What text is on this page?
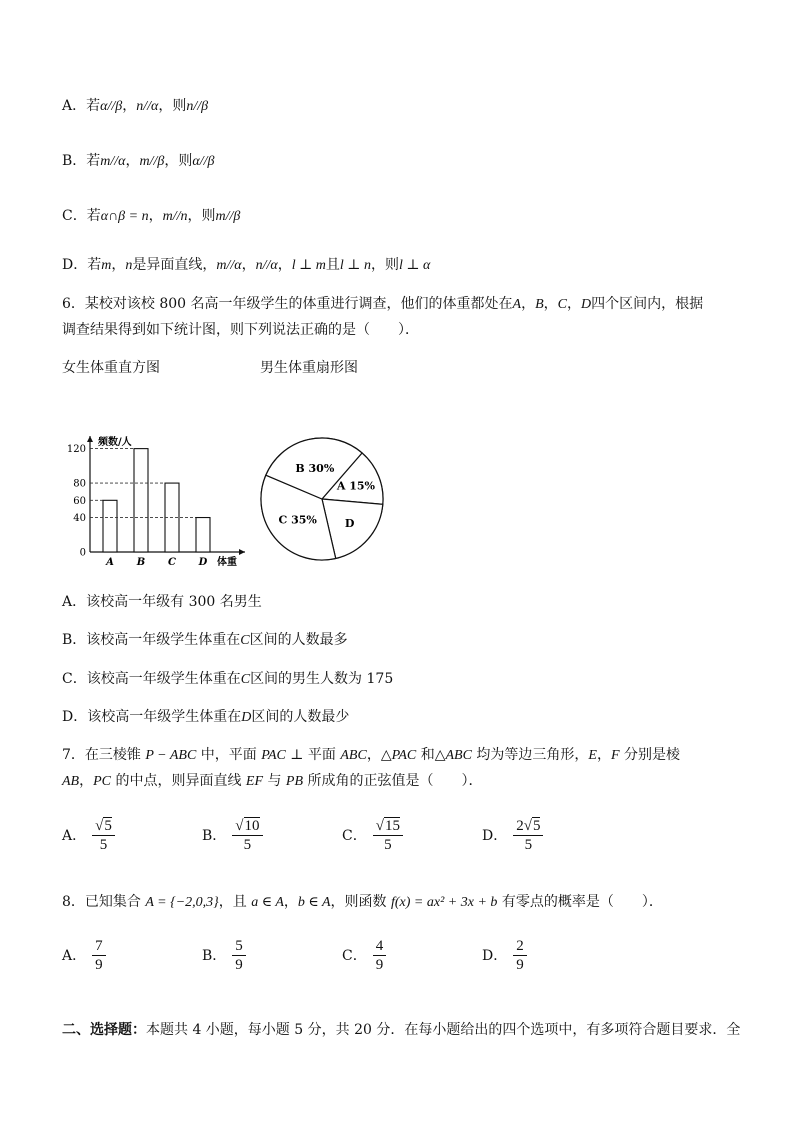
A．若α//β，n//α，则n//β
B．若m//α，m//β，则α//β
C．若α∩β = n，m//n，则m//β
D．若m，n是异面直线，m//α，n//α，l ⊥ m且l ⊥ n，则l ⊥ α
6．某校对该校 800 名高一年级学生的体重进行调查，他们的体重都处在A，B，C，D四个区间内，根据
调查结果得到如下统计图，则下列说法正确的是（　　）．
女生体重直方图	男生体重扇形图
频数/人
体重
0
40
60
80
120
A B C D
A 15%
D
C 35%
B 30%
A．该校高一年级有 300 名男生
B．该校高一年级学生体重在C区间的人数最多
C．该校高一年级学生体重在C区间的男生人数为 175
D．该校高一年级学生体重在D区间的人数最少
7．在三棱锥 P − ABC 中，平面 PAC ⊥ 平面 ABC，△PAC 和△ABC 均为等边三角形，E，F 分别是棱
AB，PC 的中点，则异面直线 EF 与 PB 所成角的正弦值是（　　）．
A． $\frac{√5}{5}$	B． $\frac{√10}{5}$	C． $\frac{√15}{5}$	D． $\frac{2√5}{5}$
8．已知集合 A = {−2,0,3}，且 a ∈ A，b ∈ A，则函数 f(x) = ax² + 3x + b 有零点的概率是（　　）．
A． $\frac{7}{9}$	B． $\frac{5}{9}$	C． $\frac{4}{9}$	D． $\frac{2}{9}$
二、选择题：本题共 4 小题，每小题 5 分，共 20 分．在每小题给出的四个选项中，有多项符合题目要求．全
